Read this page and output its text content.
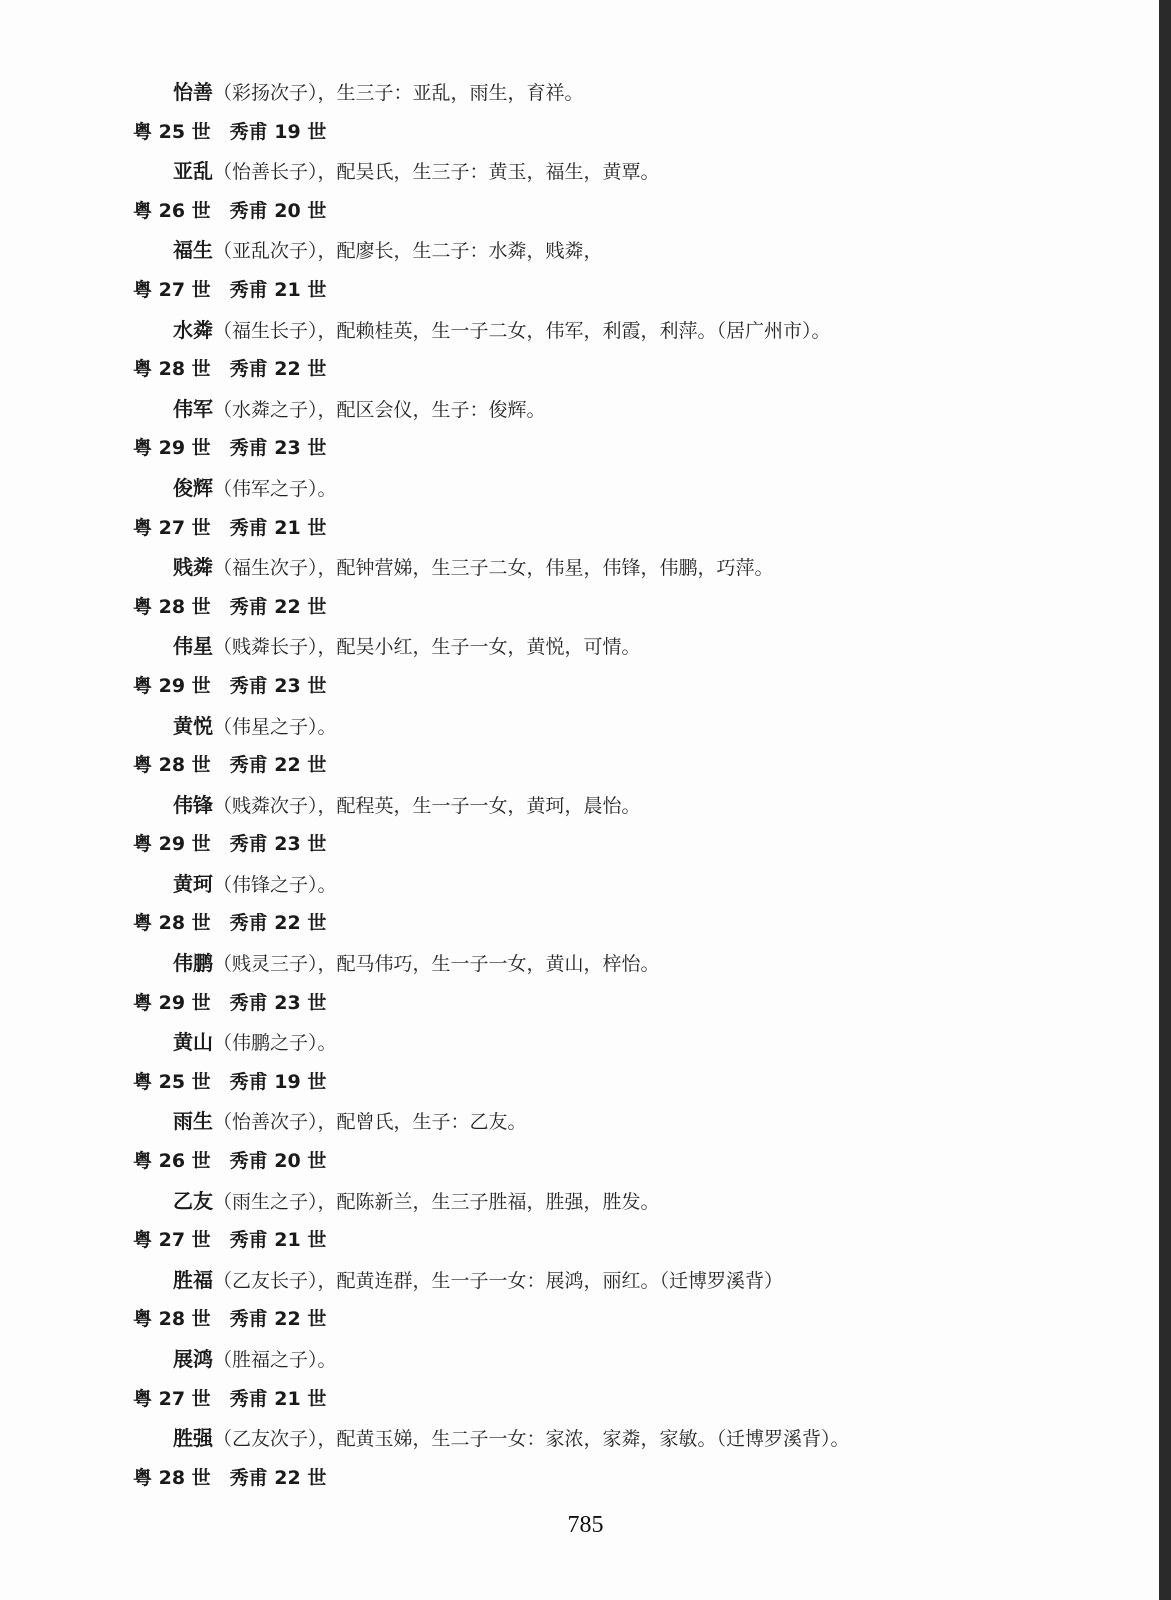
怡善（彩扬次子），生三子：亚乱，雨生，育祥。
粤 25 世　秀甫 19 世
亚乱（怡善长子），配吴氏，生三子：黄玉，福生，黄覃。
粤 26 世　秀甫 20 世
福生（亚乱次子），配廖长，生二子：水粦，贱粦，
粤 27 世　秀甫 21 世
水粦（福生长子），配赖桂英，生一子二女，伟军，利霞，利萍。（居广州市）。
粤 28 世　秀甫 22 世
伟军（水粦之子），配区会仪，生子：俊辉。
粤 29 世　秀甫 23 世
俊辉（伟军之子）。
粤 27 世　秀甫 21 世
贱粦（福生次子），配钟营娣，生三子二女，伟星，伟锋，伟鹏，巧萍。
粤 28 世　秀甫 22 世
伟星（贱粦长子），配吴小红，生子一女，黄悦，可情。
粤 29 世　秀甫 23 世
黄悦（伟星之子）。
粤 28 世　秀甫 22 世
伟锋（贱粦次子），配程英，生一子一女，黄珂，晨怡。
粤 29 世　秀甫 23 世
黄珂（伟锋之子）。
粤 28 世　秀甫 22 世
伟鹏（贱灵三子），配马伟巧，生一子一女，黄山，梓怡。
粤 29 世　秀甫 23 世
黄山（伟鹏之子）。
粤 25 世　秀甫 19 世
雨生（怡善次子），配曾氏，生子：乙友。
粤 26 世　秀甫 20 世
乙友（雨生之子），配陈新兰，生三子胜福，胜强，胜发。
粤 27 世　秀甫 21 世
胜福（乙友长子），配黄连群，生一子一女：展鸿，丽红。（迁博罗溪背）
粤 28 世　秀甫 22 世
展鸿（胜福之子）。
粤 27 世　秀甫 21 世
胜强（乙友次子），配黄玉娣，生二子一女：家浓，家粦，家敏。（迁博罗溪背）。
粤 28 世　秀甫 22 世
785
